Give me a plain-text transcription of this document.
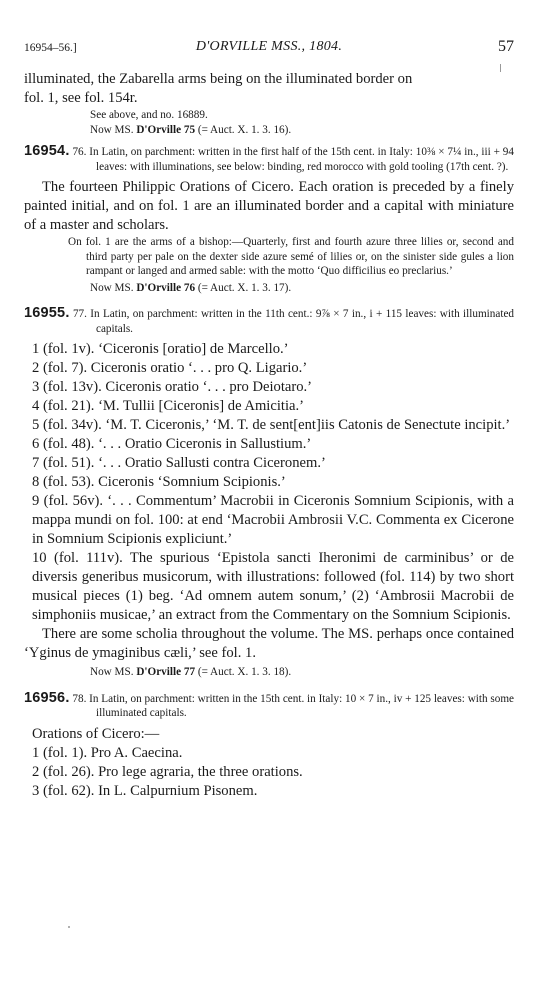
16954–56.]	D'ORVILLE MSS., 1804.	57

illuminated, the Zabarella arms being on the illuminated border on

fol. 1, see fol. 154r.

See above, and no. 16889.

Now MS. D'Orville 75 (= Auct. X. 1. 3. 16).

16954. 76. In Latin, on parchment: written in the first half of the 15th cent. in Italy: 10⅜ × 7¼ in., iii + 94 leaves: with illuminations, see below: binding, red morocco with gold tooling (17th cent. ?).

The fourteen Philippic Orations of Cicero. Each oration is preceded by a finely painted initial, and on fol. 1 are an illuminated border and a capital with miniature of a master and scholars.

On fol. 1 are the arms of a bishop:—Quarterly, first and fourth azure three lilies or, second and third party per pale on the dexter side azure semé of lilies or, on the sinister side gules a lion rampant or langed and armed sable: with the motto ‘Quo difficilius eo preclarius.’

Now MS. D'Orville 76 (= Auct. X. 1. 3. 17).

16955. 77. In Latin, on parchment: written in the 11th cent.: 9⅞ × 7 in., i + 115 leaves: with illuminated capitals.

1 (fol. 1v). ‘Ciceronis [oratio] de Marcello.’

2 (fol. 7). Ciceronis oratio ‘. . . pro Q. Ligario.’

3 (fol. 13v). Ciceronis oratio ‘. . . pro Deiotaro.’

4 (fol. 21). ‘M. Tullii [Ciceronis] de Amicitia.’

5 (fol. 34v). ‘M. T. Ciceronis,’ ‘M. T. de sent[ent]iis Catonis de Senectute incipit.’

6 (fol. 48). ‘. . . Oratio Ciceronis in Sallustium.’

7 (fol. 51). ‘. . . Oratio Sallusti contra Ciceronem.’

8 (fol. 53). Ciceronis ‘Somnium Scipionis.’

9 (fol. 56v). ‘. . . Commentum’ Macrobii in Ciceronis Somnium Scipionis, with a mappa mundi on fol. 100: at end ‘Macrobii Ambrosii V.C. Commenta ex Cicerone in Somnium Scipionis expliciunt.’

10 (fol. 111v). The spurious ‘Epistola sancti Iheronimi de carminibus’ or de diversis generibus musicorum, with illustrations: followed (fol. 114) by two short musical pieces (1) beg. ‘Ad omnem autem sonum,’ (2) ‘Ambrosii Macrobii de simphoniis musicae,’ an extract from the Commentary on the Somnium Scipionis.

There are some scholia throughout the volume. The MS. perhaps once contained ‘Yginus de ymaginibus cæli,’ see fol. 1.

Now MS. D'Orville 77 (= Auct. X. 1. 3. 18).

16956. 78. In Latin, on parchment: written in the 15th cent. in Italy: 10 × 7 in., iv + 125 leaves: with some illuminated capitals.

Orations of Cicero:—

1 (fol. 1). Pro A. Caecina.

2 (fol. 26). Pro lege agraria, the three orations.

3 (fol. 62). In L. Calpurnium Pisonem.
